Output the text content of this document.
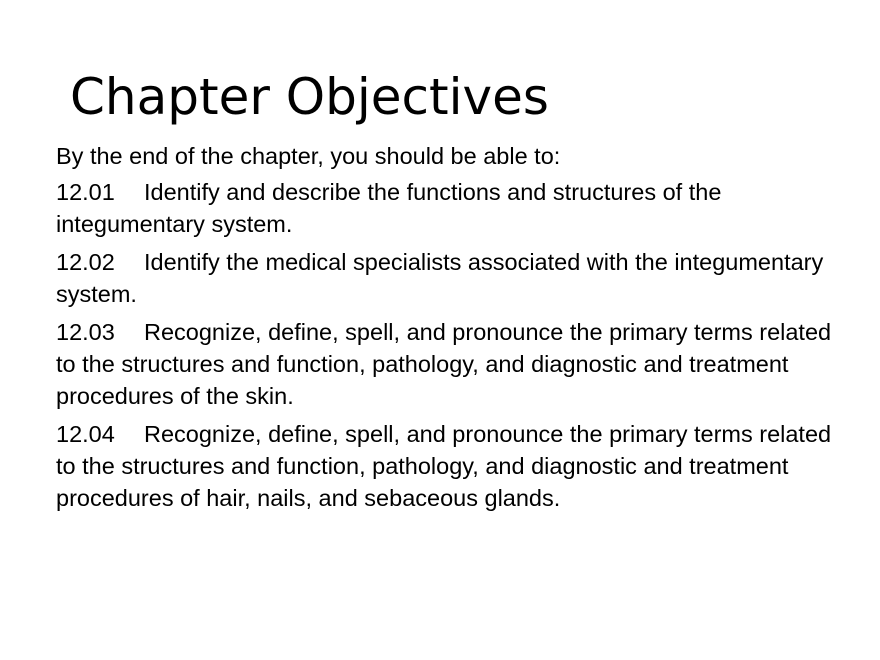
Chapter Objectives

By the end of the chapter, you should be able to:

12.01 Identify and describe the functions and structures of the integumentary system.

12.02 Identify the medical specialists associated with the integumentary system.

12.03 Recognize, define, spell, and pronounce the primary terms related to the structures and function, pathology, and diagnostic and treatment procedures of the skin.

12.04 Recognize, define, spell, and pronounce the primary terms related to the structures and function, pathology, and diagnostic and treatment procedures of hair, nails, and sebaceous glands.
